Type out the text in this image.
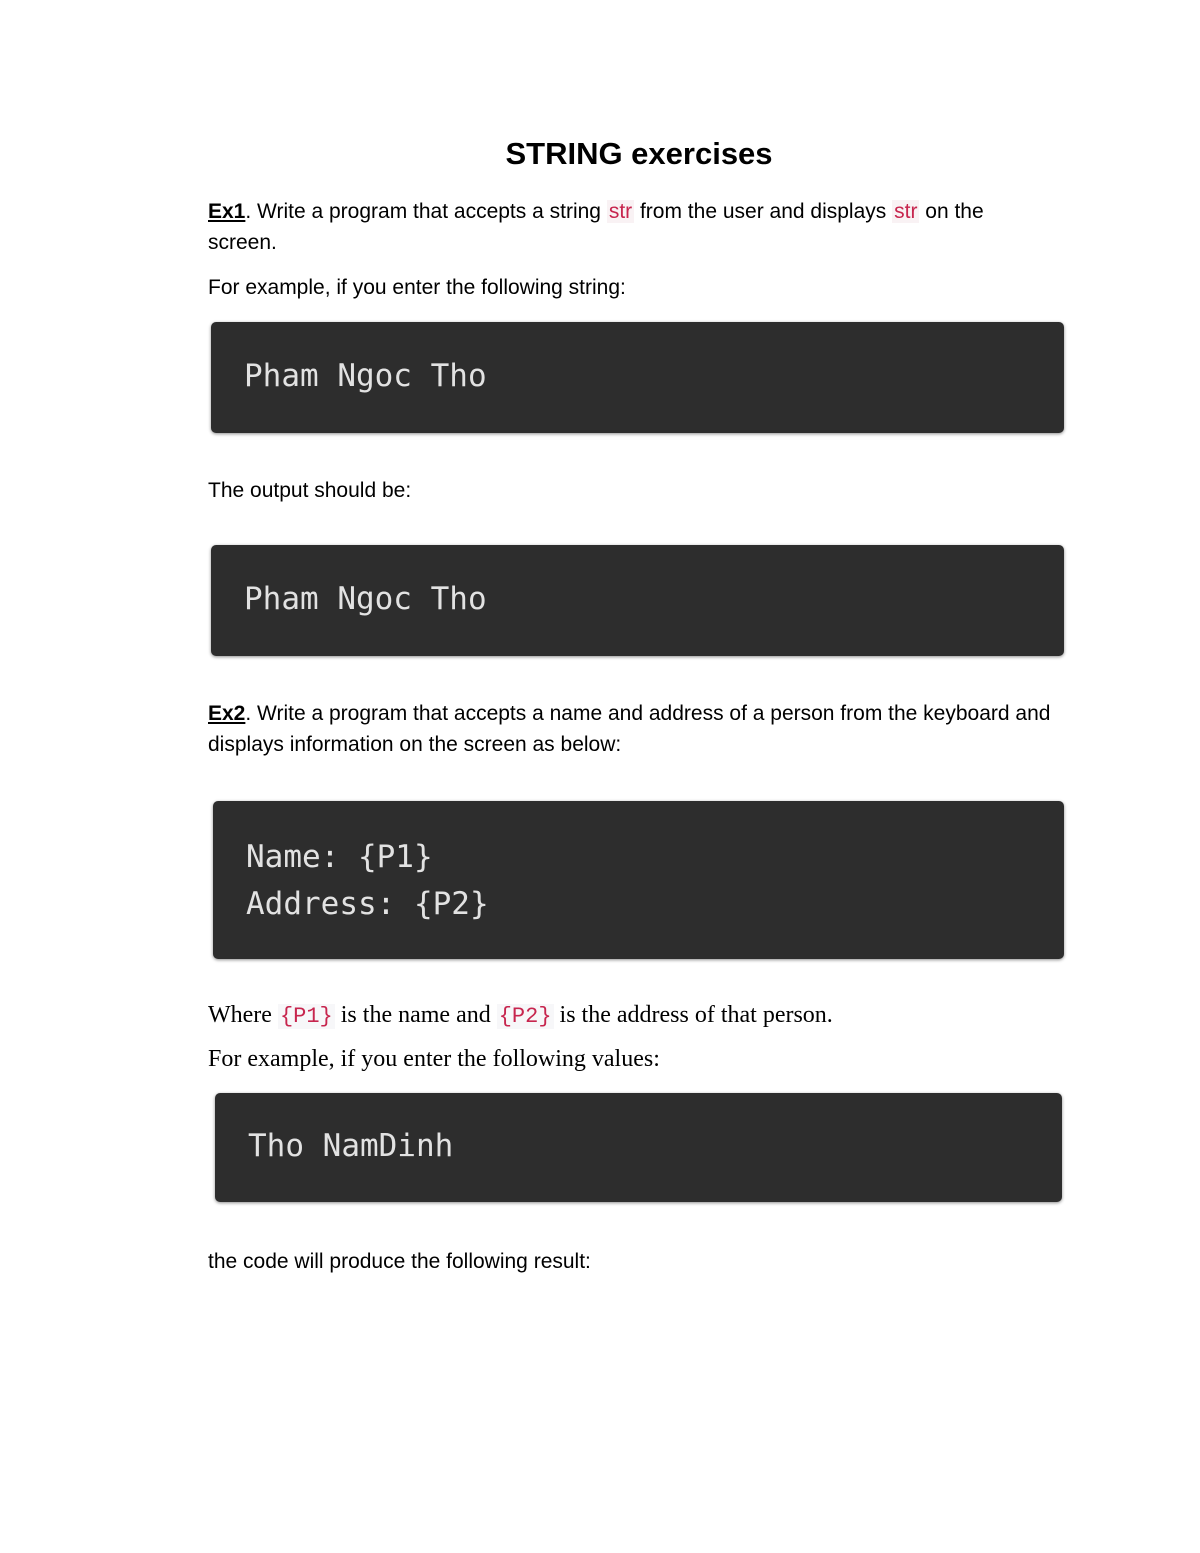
STRING exercises

Ex1. Write a program that accepts a string str from the user and displays str on the screen.

For example, if you enter the following string:

Pham Ngoc Tho

The output should be:

Pham Ngoc Tho

Ex2. Write a program that accepts a name and address of a person from the keyboard and displays information on the screen as below:

Name: {P1}
Address: {P2}

Where {P1} is the name and {P2} is the address of that person.

For example, if you enter the following values:

Tho NamDinh

the code will produce the following result:
